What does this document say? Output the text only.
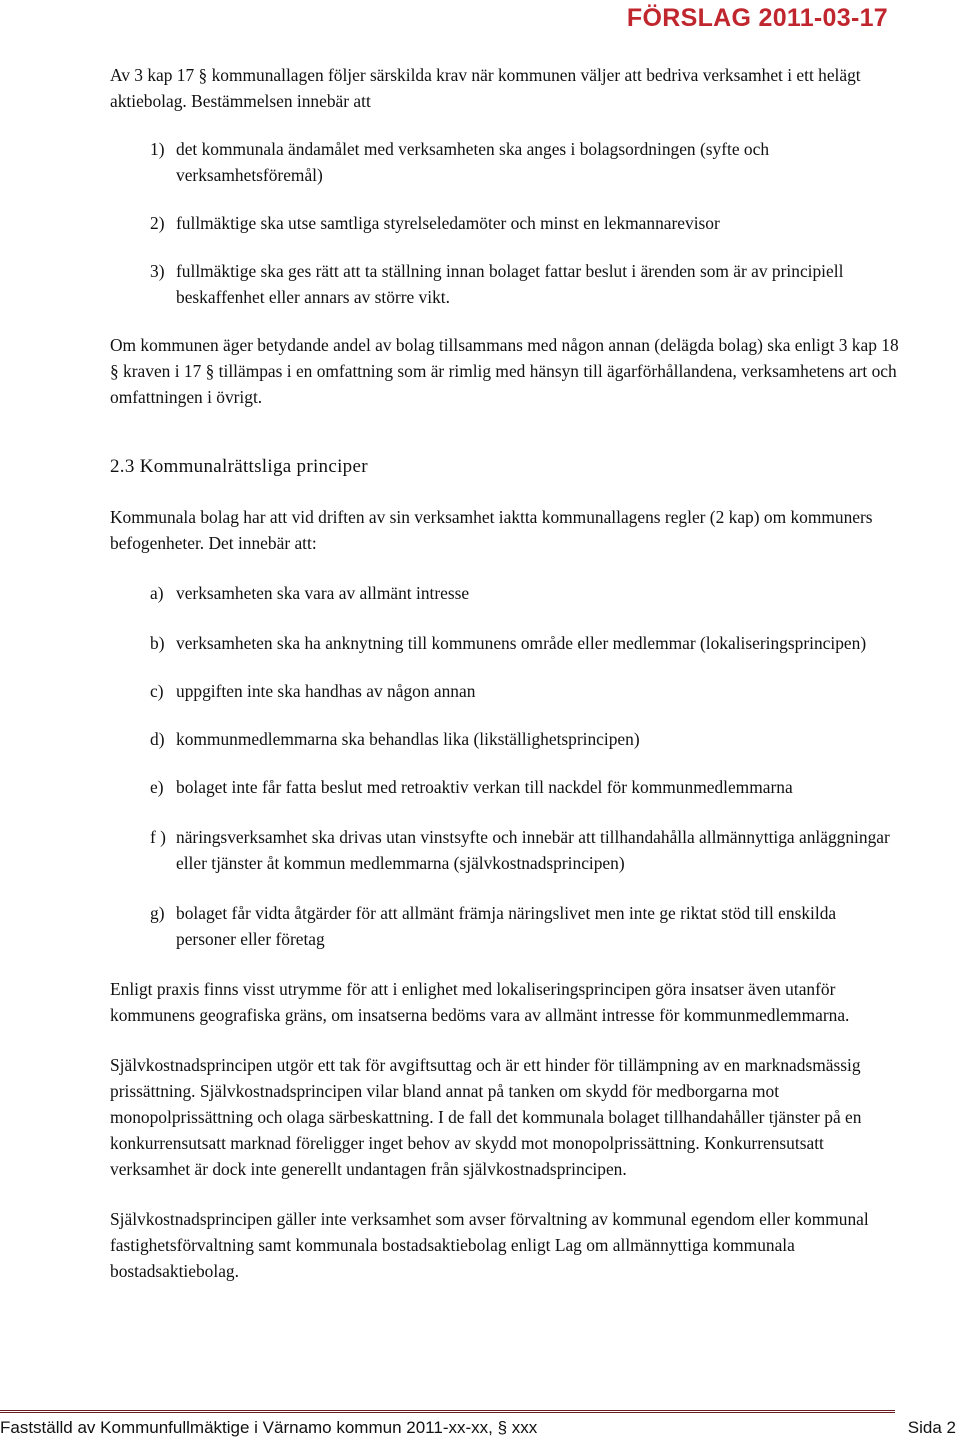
FÖRSLAG 2011-03-17

Av 3 kap 17 § kommunallagen följer särskilda krav när kommunen väljer att bedriva verksamhet i ett helägt aktiebolag. Bestämmelsen innebär att

1) det kommunala ändamålet med verksamheten ska anges i bolagsordningen (syfte och verksamhetsföremål)
2) fullmäktige ska utse samtliga styrelseledamöter och minst en lekmannarevisor
3) fullmäktige ska ges rätt att ta ställning innan bolaget fattar beslut i ärenden som är av principiell beskaffenhet eller annars av större vikt.

Om kommunen äger betydande andel av bolag tillsammans med någon annan (delägda bolag) ska enligt 3 kap 18 § kraven i 17 § tillämpas i en omfattning som är rimlig med hänsyn till ägarförhållandena, verksamhetens art och omfattningen i övrigt.

2.3 Kommunalrättsliga principer

Kommunala bolag har att vid driften av sin verksamhet iaktta kommunallagens regler (2 kap) om kommuners befogenheter. Det innebär att:

a) verksamheten ska vara av allmänt intresse
b) verksamheten ska ha anknytning till kommunens område eller medlemmar (lokaliseringsprincipen)
c) uppgiften inte ska handhas av någon annan
d) kommunmedlemmarna ska behandlas lika (likställighetsprincipen)
e) bolaget inte får fatta beslut med retroaktiv verkan till nackdel för kommunmedlemmarna
f ) näringsverksamhet ska drivas utan vinstsyfte och innebär att tillhandahålla allmännyttiga anläggningar eller tjänster åt kommun medlemmarna (självkostnadsprincipen)
g) bolaget får vidta åtgärder för att allmänt främja näringslivet men inte ge riktat stöd till enskilda personer eller företag

Enligt praxis finns visst utrymme för att i enlighet med lokaliseringsprincipen göra insatser även utanför kommunens geografiska gräns, om insatserna bedöms vara av allmänt intresse för kommunmedlemmarna.

Självkostnadsprincipen utgör ett tak för avgiftsuttag och är ett hinder för tillämpning av en marknadsmässig prissättning. Självkostnadsprincipen vilar bland annat på tanken om skydd för medborgarna mot monopolprissättning och olaga särbeskattning. I de fall det kommunala bolaget tillhandahåller tjänster på en konkurrensutsatt marknad föreligger inget behov av skydd mot monopolprissättning. Konkurrensutsatt verksamhet är dock inte generellt undantagen från självkostnadsprincipen.

Självkostnadsprincipen gäller inte verksamhet som avser förvaltning av kommunal egendom eller kommunal fastighetsförvaltning samt kommunala bostadsaktiebolag enligt Lag om allmännyttiga kommunala bostadsaktiebolag.

Fastställd av Kommunfullmäktige i Värnamo kommun 2011-xx-xx, § xxx	Sida 2
